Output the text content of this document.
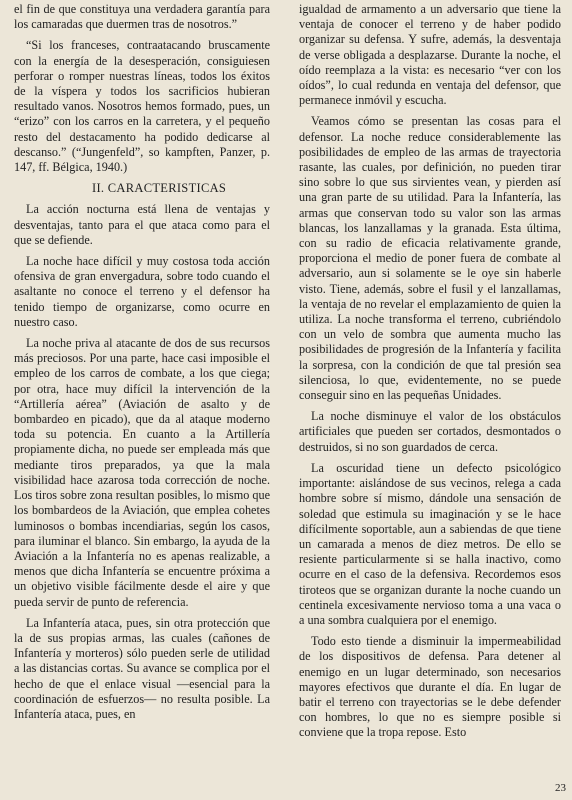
el fin de que constituya una verdadera garantía para los camaradas que duermen tras de nosotros.”

“Si los franceses, contraatacando bruscamente con la energía de la desesperación, consiguiesen perforar o romper nuestras líneas, todos los éxitos de la víspera y todos los sacrificios hubieran resultado vanos. Nosotros hemos formado, pues, un “erizo” con los carros en la carretera, y el pequeño resto del destacamento ha podido dedicarse al descanso.” (“Jungenfeld”, so kampften, Panzer, p. 147, ff. Bélgica, 1940.)

II. CARACTERISTICAS

La acción nocturna está llena de ventajas y desventajas, tanto para el que ataca como para el que se defiende.

La noche hace difícil y muy costosa toda acción ofensiva de gran envergadura, sobre todo cuando el asaltante no conoce el terreno y el defensor ha tenido tiempo de organizarse, como ocurre en nuestro caso.

La noche priva al atacante de dos de sus recursos más preciosos. Por una parte, hace casi imposible el empleo de los carros de combate, a los que ciega; por otra, hace muy difícil la intervención de la “Artillería aérea” (Aviación de asalto y de bombardeo en picado), que da al ataque moderno toda su potencia. En cuanto a la Artillería propiamente dicha, no puede ser empleada más que mediante tiros preparados, ya que la mala visibilidad hace azarosa toda corrección de noche. Los tiros sobre zona resultan posibles, lo mismo que los bombardeos de la Aviación, que emplea cohetes luminosos o bombas incendiarias, según los casos, para iluminar el blanco. Sin embargo, la ayuda de la Aviación a la Infantería no es apenas realizable, a menos que dicha Infantería se encuentre próxima a un objetivo visible fácilmente desde el aire y que pueda servir de punto de referencia.

La Infantería ataca, pues, sin otra protección que la de sus propias armas, las cuales (cañones de Infantería y morteros) sólo pueden serle de utilidad a las distancias cortas. Su avance se complica por el hecho de que el enlace visual —esencial para la coordinación de esfuerzos— no resulta posible. La Infantería ataca, pues, en

igualdad de armamento a un adversario que tiene la ventaja de conocer el terreno y de haber podido organizar su defensa. Y sufre, además, la desventaja de verse obligada a desplazarse. Durante la noche, el oído reemplaza a la vista: es necesario “ver con los oídos”, lo cual redunda en ventaja del defensor, que permanece inmóvil y escucha.

Veamos cómo se presentan las cosas para el defensor. La noche reduce considerablemente las posibilidades de empleo de las armas de trayectoria rasante, las cuales, por definición, no pueden tirar sino sobre lo que sus sirvientes vean, y pierden así una gran parte de su utilidad. Para la Infantería, las armas que conservan todo su valor son las armas blancas, los lanzallamas y la granada. Esta última, con su radio de eficacia relativamente grande, proporciona el medio de poner fuera de combate al adversario, aun si solamente se le oye sin haberle visto. Tiene, además, sobre el fusil y el lanzallamas, la ventaja de no revelar el emplazamiento de quien la utiliza. La noche transforma el terreno, cubriéndolo con un velo de sombra que aumenta mucho las posibilidades de progresión de la Infantería y facilita la sorpresa, con la condición de que tal presión sea silenciosa, lo que, evidentemente, no se puede conseguir sino en las pequeñas Unidades.

La noche disminuye el valor de los obstáculos artificiales que pueden ser cortados, desmontados o destruidos, si no son guardados de cerca.

La oscuridad tiene un defecto psicológico importante: aislándose de sus vecinos, relega a cada hombre sobre sí mismo, dándole una sensación de soledad que estimula su imaginación y se le hace difícilmente soportable, aun a sabiendas de que tiene un camarada a menos de diez metros. De ello se resiente particularmente si se halla inactivo, como ocurre en el caso de la defensiva. Recordemos esos tiroteos que se organizan durante la noche cuando un centinela excesivamente nervioso toma a una vaca o a una sombra cualquiera por el enemigo.

Todo esto tiende a disminuir la impermeabilidad de los dispositivos de defensa. Para detener al enemigo en un lugar determinado, son necesarios mayores efectivos que durante el día. En lugar de batir el terreno con trayectorias se le debe defender con hombres, lo que no es siempre posible si conviene que la tropa repose. Esto

23
